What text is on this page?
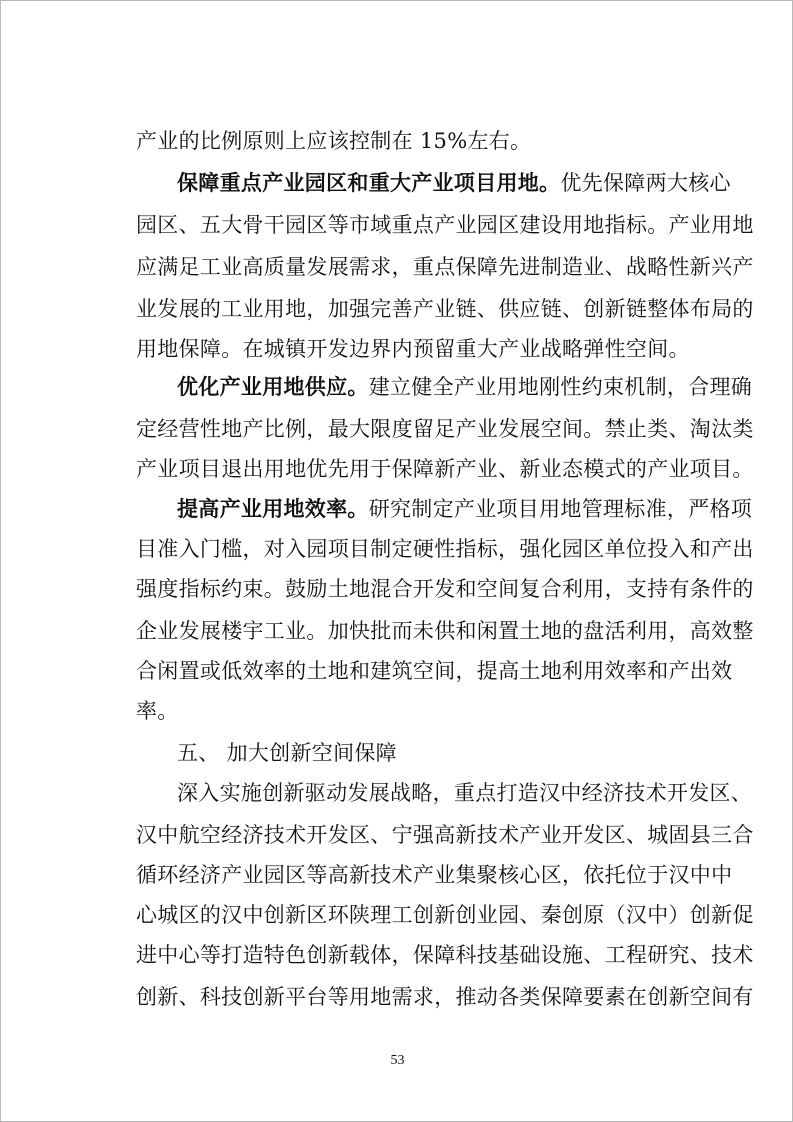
产业的比例原则上应该控制在 15%左右。
保障重点产业园区和重大产业项目用地。优先保障两大核心
园区、五大骨干园区等市域重点产业园区建设用地指标。产业用地
应满足工业高质量发展需求，重点保障先进制造业、战略性新兴产
业发展的工业用地，加强完善产业链、供应链、创新链整体布局的
用地保障。在城镇开发边界内预留重大产业战略弹性空间。
优化产业用地供应。建立健全产业用地刚性约束机制，合理确
定经营性地产比例，最大限度留足产业发展空间。禁止类、淘汰类
产业项目退出用地优先用于保障新产业、新业态模式的产业项目。
提高产业用地效率。研究制定产业项目用地管理标准，严格项
目准入门槛，对入园项目制定硬性指标，强化园区单位投入和产出
强度指标约束。鼓励土地混合开发和空间复合利用，支持有条件的
企业发展楼宇工业。加快批而未供和闲置土地的盘活利用，高效整
合闲置或低效率的土地和建筑空间，提高土地利用效率和产出效
率。
五、 加大创新空间保障
深入实施创新驱动发展战略，重点打造汉中经济技术开发区、
汉中航空经济技术开发区、宁强高新技术产业开发区、城固县三合
循环经济产业园区等高新技术产业集聚核心区，依托位于汉中中
心城区的汉中创新区环陕理工创新创业园、秦创原（汉中）创新促
进中心等打造特色创新载体，保障科技基础设施、工程研究、技术
创新、科技创新平台等用地需求，推动各类保障要素在创新空间有
53
